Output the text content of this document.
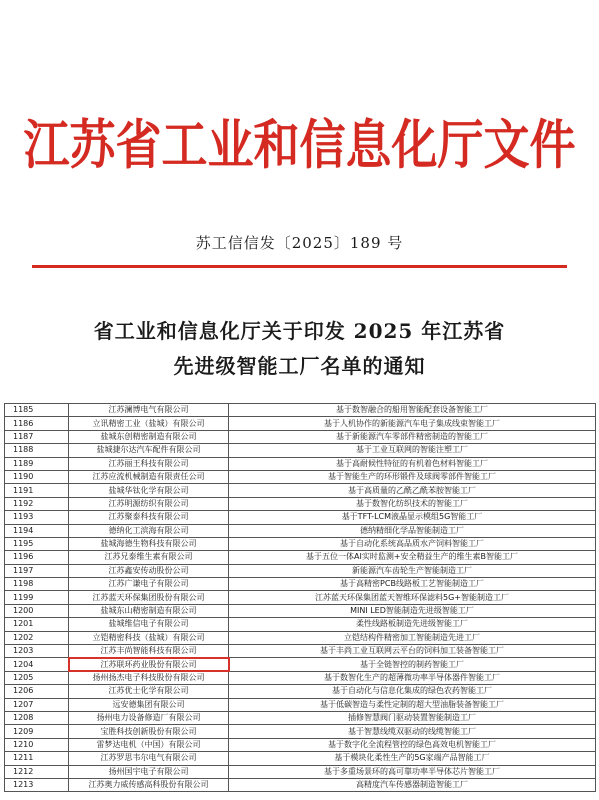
江苏省工业和信息化厅文件
苏工信信发〔2025〕189 号
省工业和信息化厅关于印发 2025 年江苏省
先进级智能工厂名单的通知
1185	江苏澜博电气有限公司	基于数智融合的船用智能配套设备智能工厂
1186	立讯精密工业（盐城）有限公司	基于人机协作的新能源汽车电子集成线束智能工厂
1187	盐城东创精密制造有限公司	基于新能源汽车零部件精密制造的智能工厂
1188	盐城捷尔达汽车配件有限公司	基于工业互联网的智能注塑工厂
1189	江苏丽王科技有限公司	基于高耐候性特征的有机着色材料智能工厂
1190	江苏应流机械制造有限责任公司	基于智能生产的环形锻件及球阀零部件智能工厂
1191	盐城华钛化学有限公司	基于高质量的乙酰乙酰苯胺智能工厂
1192	江苏明源纺织有限公司	基于数智化纺织技术的智能工厂
1193	江苏聚泰科技有限公司	基于TFT-LCM液晶显示模组5G智能工厂
1194	德纳化工滨海有限公司	德纳精细化学品智能制造工厂
1195	盐城海德生物科技有限公司	基于自动化系统高品质水产饲料智能工厂
1196	江苏兄泰维生素有限公司	基于五位一体AI实时监测+安全精益生产的维生素B智能工厂
1197	江苏鑫安传动股份公司	新能源汽车齿轮生产智能制造工厂
1198	江苏广谦电子有限公司	基于高精密PCB线路板工艺智能制造工厂
1199	江苏蓝天环保集团股份有限公司	江苏蓝天环保集团蓝天智维环保滤料5G+智能制造工厂
1200	盐城东山精密制造有限公司	MINI LED智能制造先进级智能工厂
1201	盐城维信电子有限公司	柔性线路板制造先进级智能工厂
1202	立铠精密科技（盐城）有限公司	立铠结构件精密加工智能制造先进工厂
1203	江苏丰尚智能科技有限公司	基于丰尚工业互联网云平台的饲料加工装备智能工厂
1204	江苏联环药业股份有限公司	基于全链智控的制药智能工厂
1205	扬州扬杰电子科技股份有限公司	基于数智化生产的超薄微功率半导体器件智能工厂
1206	江苏优士化学有限公司	基于自动化与信息化集成的绿色农药智能工厂
1207	远安德集团有限公司	基于低碳智造与柔性定制的超大型油脂装备智能工厂
1208	扬州电力设备修造厂有限公司	插修智慧阀门驱动装置智能制造工厂
1209	宝胜科技创新股份有限公司	基于智慧线缆双驱动的线缆智能工厂
1210	雷梦达电机（中国）有限公司	基于数字化全流程管控的绿色高效电机智能工厂
1211	江苏罗思韦尔电气有限公司	基于模块化柔性生产的5G家端产品智能工厂
1212	扬州国宇电子有限公司	基于多重场景环的高可靠功率半导体芯片智能工厂
1213	江苏奥力威传感高科股份有限公司	高精度汽车传感器制造智能工厂
